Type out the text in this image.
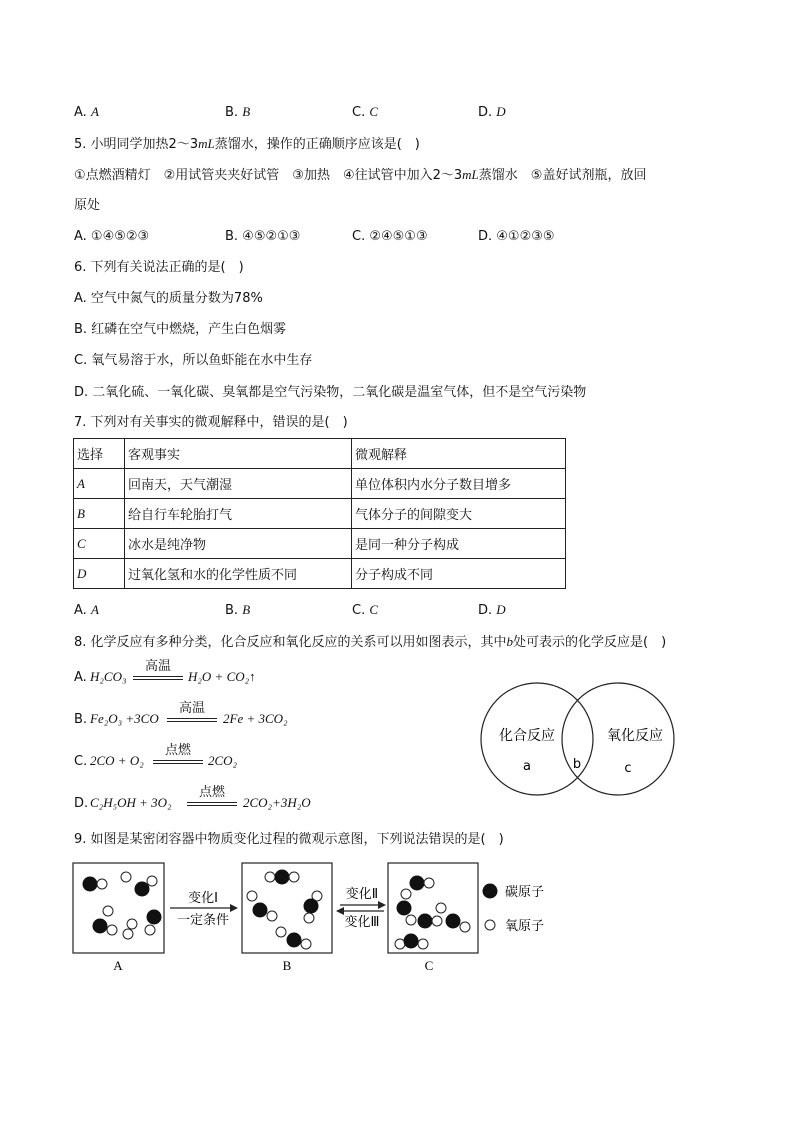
A. A	B. B	C. C	D. D
5. 小明同学加热2～3mL蒸馏水，操作的正确顺序应该是(　)
①点燃酒精灯　②用试管夹夹好试管　③加热　④往试管中加入2～3mL蒸馏水　⑤盖好试剂瓶，放回
原处
A. ①④⑤②③	B. ④⑤②①③	C. ②④⑤①③	D. ④①②③⑤
6. 下列有关说法正确的是(　)
A. 空气中氮气的质量分数为78%
B. 红磷在空气中燃烧，产生白色烟雾
C. 氧气易溶于水，所以鱼虾能在水中生存
D. 二氧化硫、一氧化碳、臭氧都是空气污染物，二氧化碳是温室气体，但不是空气污染物
7. 下列对有关事实的微观解释中，错误的是(　)
选择	客观事实	微观解释
A	回南天，天气潮湿	单位体积内水分子数目增多
B	给自行车轮胎打气	气体分子的间隙变大
C	冰水是纯净物	是同一种分子构成
D	过氧化氢和水的化学性质不同	分子构成不同
A. A	B. B	C. C	D. D
8. 化学反应有多种分类，化合反应和氧化反应的关系可以用如图表示，其中b处可表示的化学反应是(　)
A. H₂CO₃
高温
H₂O + CO₂↑
B. Fe₂O₃ +3CO
高温
2Fe + 3CO₂
C. 2CO + O₂
点燃
2CO₂
D. C₂H₅OH + 3O₂
点燃
2CO₂+3H₂O
化合反应	氧化反应
a	b	c
9. 如图是某密闭容器中物质变化过程的微观示意图，下列说法错误的是(　)
A
变化Ⅰ
一定条件
B
变化Ⅱ
变化Ⅲ
C
碳原子
氧原子
